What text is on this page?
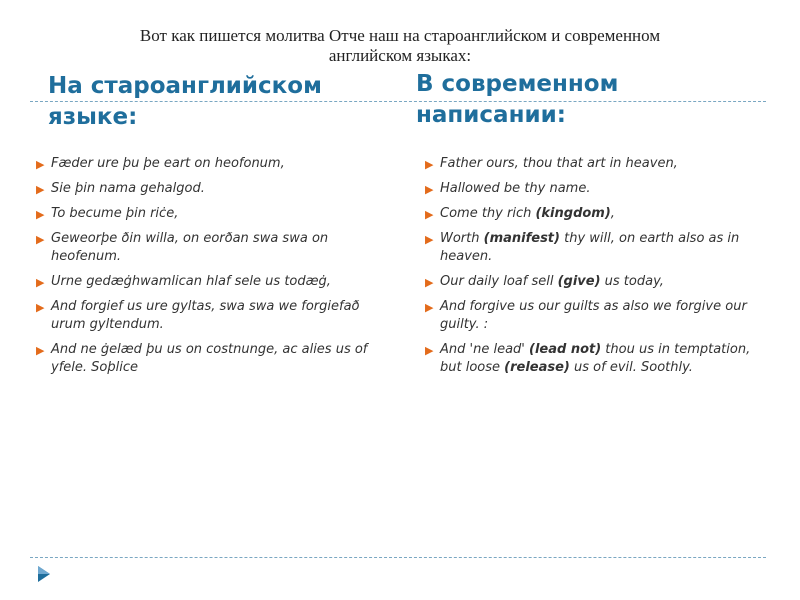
Вот как пишется молитва Отче наш на староанглийском и современном
английском языках:
На староанглийском
языке:
В современном
написании:
▶ Fæder ure þu þe eart on heofonum,
▶ Sie þin nama gehalgod.
▶ To becume þin riċe,
▶ Geweorþe ðin willa, on eorðan swa swa on heofenum.
▶ Urne gedæġhwamlican hlaf sele us todæġ,
▶ And forgief us ure gyltas, swa swa we forgiefað urum gyltendum.
▶ And ne ġelæd þu us on costnunge, ac alies us of yfele. Soþlice
▶ Father ours, thou that art in heaven,
▶ Hallowed be thy name.
▶ Come thy rich (kingdom),
▶ Worth (manifest) thy will, on earth also as in heaven.
▶ Our daily loaf sell (give) us today,
▶ And forgive us our guilts as also we forgive our guilty. :
▶ And 'ne lead' (lead not) thou us in temptation, but loose (release) us of evil. Soothly.
